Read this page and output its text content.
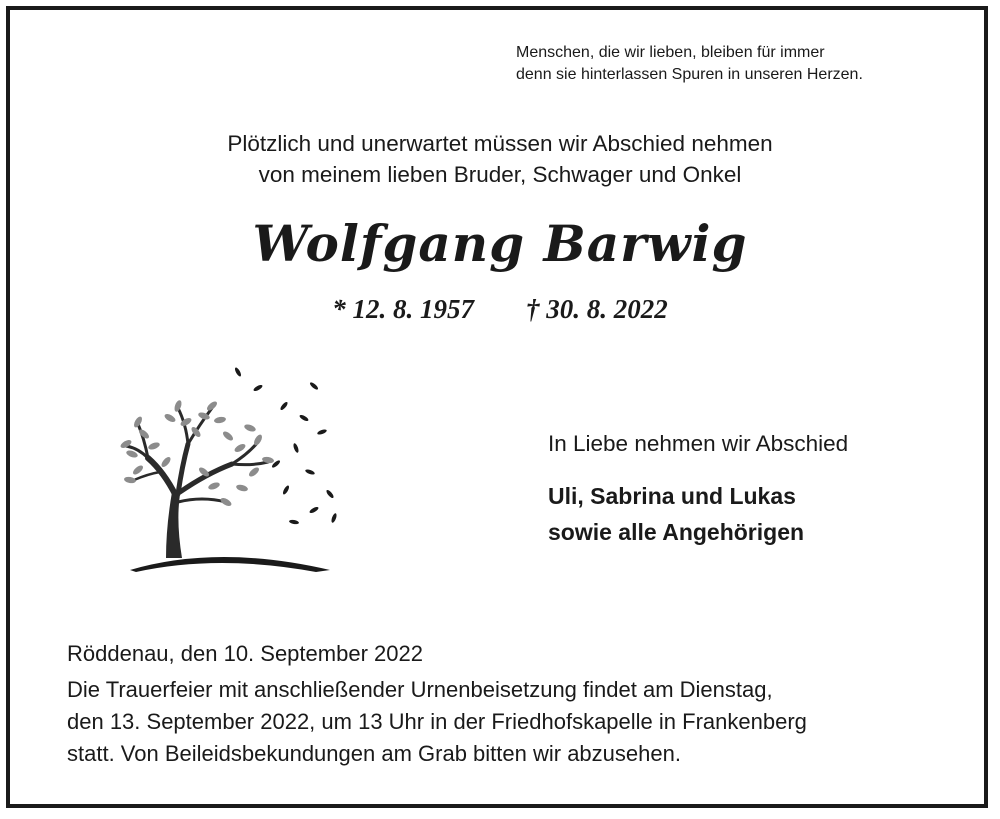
Menschen, die wir lieben, bleiben für immer
denn sie hinterlassen Spuren in unseren Herzen.
Plötzlich und unerwartet müssen wir Abschied nehmen
von meinem lieben Bruder, Schwager und Onkel
Wolfgang Barwig
* 12. 8. 1957 † 30. 8. 2022
In Liebe nehmen wir Abschied
Uli, Sabrina und Lukas
sowie alle Angehörigen
Röddenau, den 10. September 2022
Die Trauerfeier mit anschließender Urnenbeisetzung findet am Dienstag,
den 13. September 2022, um 13 Uhr in der Friedhofskapelle in Frankenberg
statt. Von Beileidsbekundungen am Grab bitten wir abzusehen.
